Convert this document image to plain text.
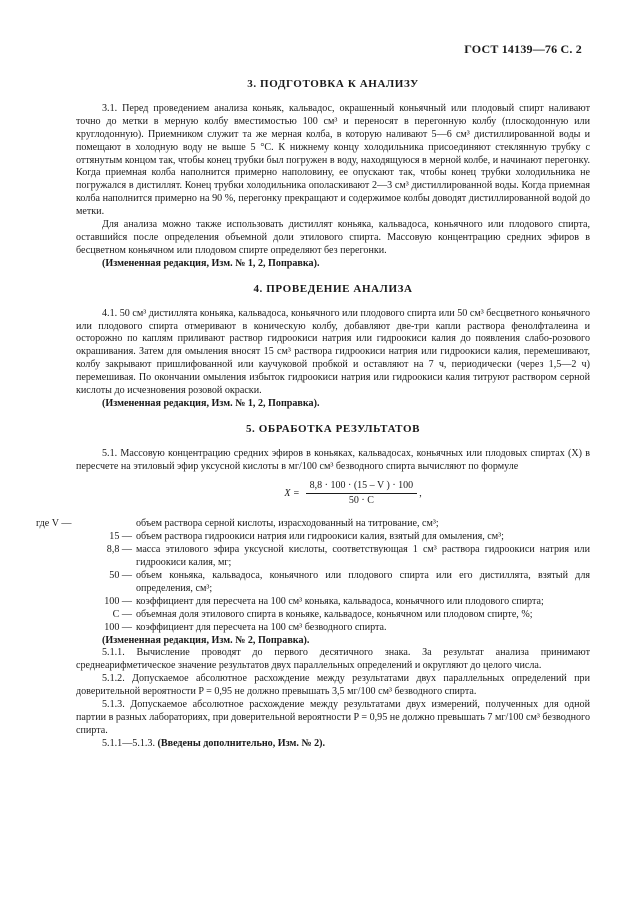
ГОСТ 14139—76 С. 2
3. ПОДГОТОВКА К АНАЛИЗУ

3.1. Перед проведением анализа коньяк, кальвадос, окрашенный коньячный или плодовый спирт наливают точно до метки в мерную колбу вместимостью 100 см³ и переносят в перегонную колбу (плоскодонную или круглодонную). Приемником служит та же мерная колба, в которую наливают 5—6 см³ дистиллированной воды и помещают в холодную воду не выше 5 °С. К нижнему концу холодильника присоединяют стеклянную трубку с оттянутым концом так, чтобы конец трубки был погружен в воду, находящуюся в мерной колбе, и начинают перегонку. Когда приемная колба наполнится примерно наполовину, ее опускают так, чтобы конец трубки холодильника не погружался в дистиллят. Конец трубки холодильника ополаскивают 2—3 см³ дистиллированной воды. Когда приемная колба наполнится примерно на 90 %, перегонку прекращают и содержимое колбы доводят дистиллированной водой до метки.

Для анализа можно также использовать дистиллят коньяка, кальвадоса, коньячного или плодового спирта, оставшийся после определения объемной доли этилового спирта. Массовую концентрацию средних эфиров в бесцветном коньячном или плодовом спирте определяют без перегонки.

(Измененная редакция, Изм. № 1, 2, Поправка).

4. ПРОВЕДЕНИЕ АНАЛИЗА

4.1. 50 см³ дистиллята коньяка, кальвадоса, коньячного или плодового спирта или 50 см³ бесцветного коньячного или плодового спирта отмеривают в коническую колбу, добавляют две-три капли раствора фенолфталеина и осторожно по каплям приливают раствор гидроокиси натрия или гидроокиси калия до появления слабо-розового окрашивания. Затем для омыления вносят 15 см³ раствора гидроокиси натрия или гидроокиси калия, перемешивают, колбу закрывают пришлифованной или каучуковой пробкой и оставляют на 7 ч, периодически (через 1,5—2 ч) перемешивая. По окончании омыления избыток гидроокиси натрия или гидроокиси калия титруют раствором серной кислоты до исчезновения розовой окраски.

(Измененная редакция, Изм. № 1, 2, Поправка).

5. ОБРАБОТКА РЕЗУЛЬТАТОВ

5.1. Массовую концентрацию средних эфиров в коньяках, кальвадосах, коньячных или плодовых спиртах (X) в пересчете на этиловый эфир уксусной кислоты в мг/100 см³ безводного спирта вычисляют по формуле

$X = \frac{8,8 \cdot 100 \cdot (15 - V ) \cdot 100}{50 \cdot C}$ ,
где V —	объем раствора серной кислоты, израсходованный на титрование, см³;
15 — объем раствора гидроокиси натрия или гидроокиси калия, взятый для омыления, см³;
8,8 — масса этилового эфира уксусной кислоты, соответствующая 1 см³ раствора гидроокиси натрия или гидроокиси калия, мг;
50 — объем коньяка, кальвадоса, коньячного или плодового спирта или его дистиллята, взятый для определения, см³;
100 — коэффициент для пересчета на 100 см³ коньяка, кальвадоса, коньячного или плодового спирта;
C — объемная доля этилового спирта в коньяке, кальвадосе, коньячном или плодовом спирте, %;
100 — коэффициент для пересчета на 100 см³ безводного спирта.

(Измененная редакция, Изм. № 2, Поправка).

5.1.1. Вычисление проводят до первого десятичного знака. За результат анализа принимают среднеарифметическое значение результатов двух параллельных определений и округляют до целого числа.

5.1.2. Допускаемое абсолютное расхождение между результатами двух параллельных определений при доверительной вероятности P = 0,95 не должно превышать 3,5 мг/100 см³ безводного спирта.

5.1.3. Допускаемое абсолютное расхождение между результатами двух измерений, полученных для одной партии в разных лабораториях, при доверительной вероятности P = 0,95 не должно превышать 7 мг/100 см³ безводного спирта.

5.1.1—5.1.3. (Введены дополнительно, Изм. № 2).
